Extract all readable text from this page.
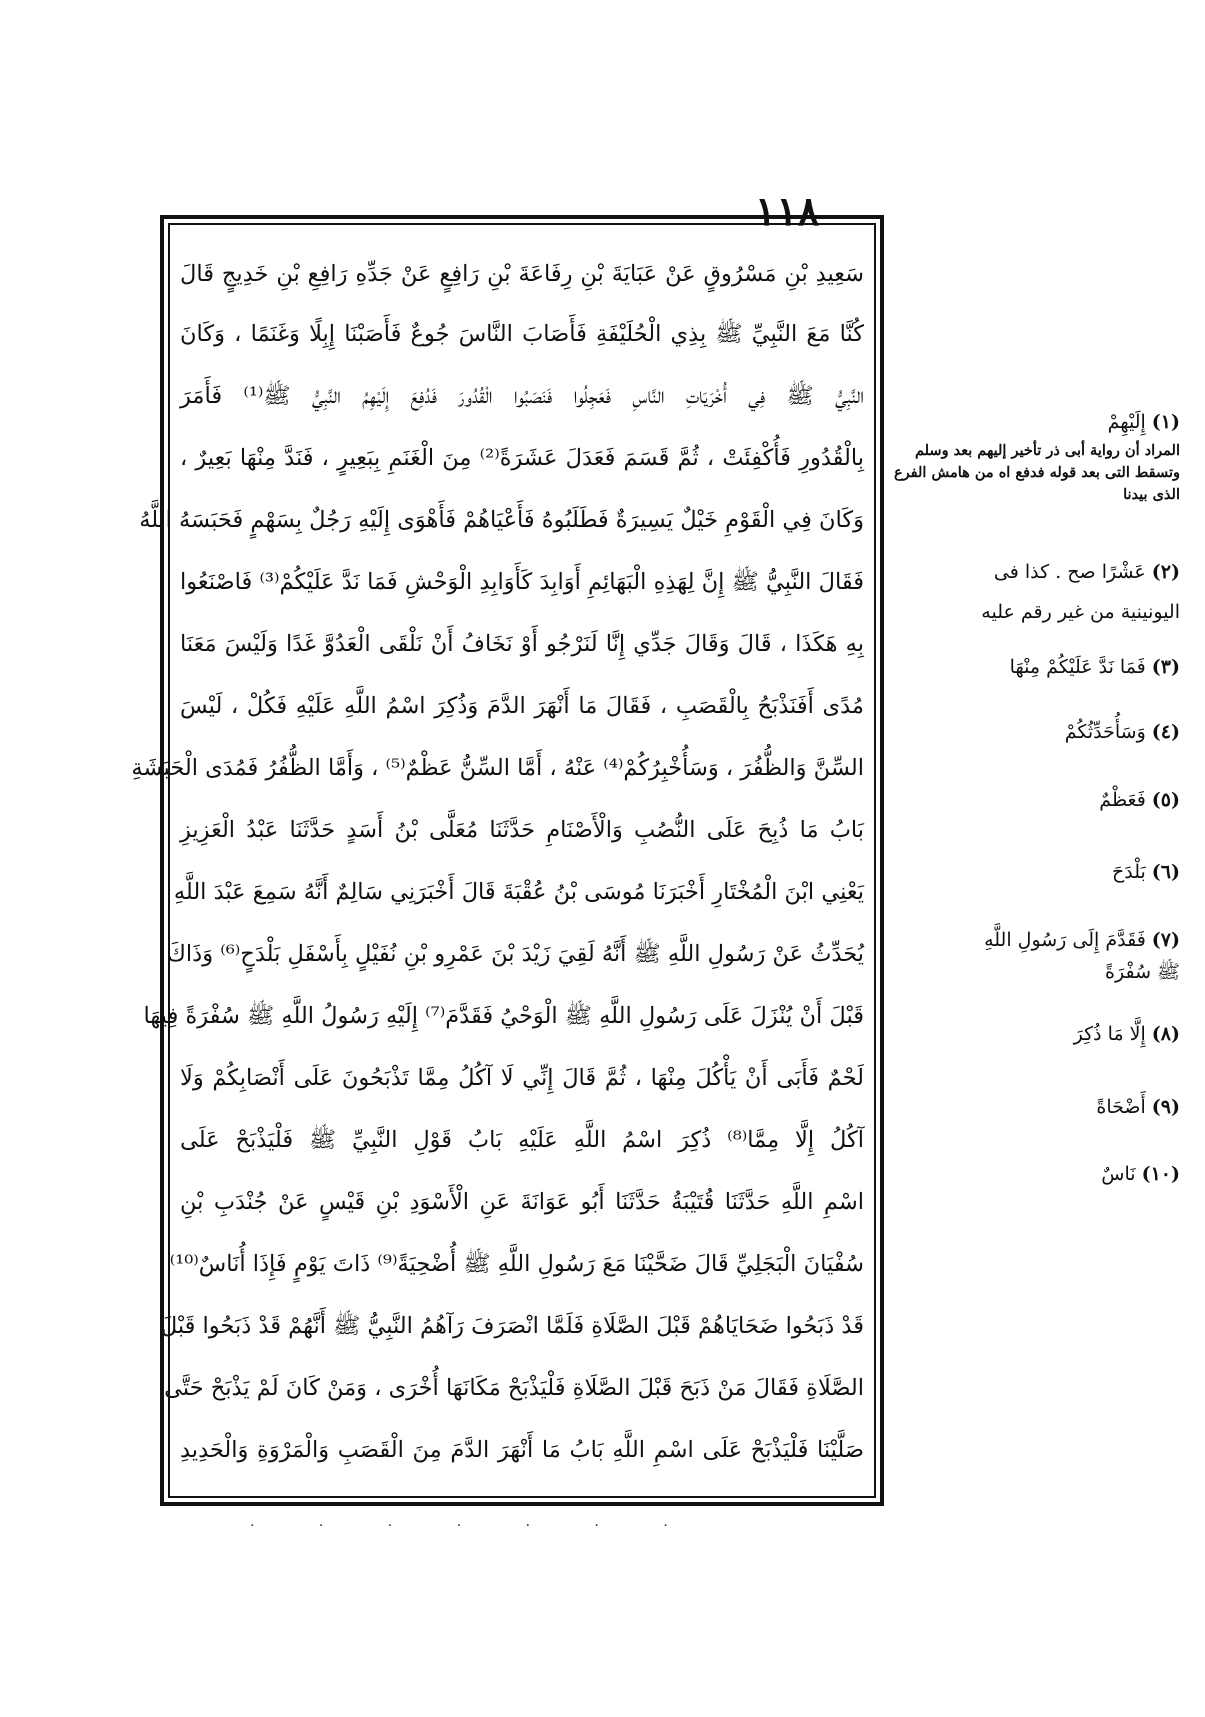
١١٨
سَعِيدِ بْنِ مَسْرُوقٍ عَنْ عَبَايَةَ بْنِ رِفَاعَةَ بْنِ رَافِعٍ عَنْ جَدِّهِ رَافِعِ بْنِ خَدِيجٍ قَالَ
كُنَّا مَعَ النَّبِيِّ ﷺ بِذِي الْحُلَيْفَةِ فَأَصَابَ النَّاسَ جُوعٌ فَأَصَبْنَا إِبِلًا وَغَنَمًا ، وَكَانَ
النَّبِيُّ ﷺ فِي أُخْرَيَاتِ النَّاسِ فَعَجِلُوا فَنَصَبُوا الْقُدُورَ فَدُفِعَ إِلَيْهِمُ النَّبِيُّ ﷺ⁽¹⁾ فَأَمَرَ
بِالْقُدُورِ فَأُكْفِئَتْ ، ثُمَّ قَسَمَ فَعَدَلَ عَشَرَةً⁽²⁾ مِنَ الْغَنَمِ بِبَعِيرٍ ، فَنَدَّ مِنْهَا بَعِيرٌ ،
وَكَانَ فِي الْقَوْمِ خَيْلٌ يَسِيرَةٌ فَطَلَبُوهُ فَأَعْيَاهُمْ فَأَهْوَى إِلَيْهِ رَجُلٌ بِسَهْمٍ فَحَبَسَهُ اللَّهُ
فَقَالَ النَّبِيُّ ﷺ إِنَّ لِهَذِهِ الْبَهَائِمِ أَوَابِدَ كَأَوَابِدِ الْوَحْشِ فَمَا نَدَّ عَلَيْكُمْ⁽³⁾ فَاصْنَعُوا
بِهِ هَكَذَا ، قَالَ وَقَالَ جَدِّي إِنَّا لَنَرْجُو أَوْ نَخَافُ أَنْ نَلْقَى الْعَدُوَّ غَدًا وَلَيْسَ مَعَنَا
مُدًى أَفَنَذْبَحُ بِالْقَصَبِ ، فَقَالَ مَا أَنْهَرَ الدَّمَ وَذُكِرَ اسْمُ اللَّهِ عَلَيْهِ فَكُلْ ، لَيْسَ
السِّنَّ وَالظُّفُرَ ، وَسَأُخْبِرُكُمْ⁽⁴⁾ عَنْهُ ، أَمَّا السِّنُّ عَظْمٌ⁽⁵⁾ ، وَأَمَّا الظُّفُرُ فَمُدَى الْحَبَشَةِ
بَابُ مَا ذُبِحَ عَلَى النُّصُبِ وَالْأَصْنَامِ حَدَّثَنَا مُعَلَّى بْنُ أَسَدٍ حَدَّثَنَا عَبْدُ الْعَزِيزِ
يَعْنِي ابْنَ الْمُخْتَارِ أَخْبَرَنَا مُوسَى بْنُ عُقْبَةَ قَالَ أَخْبَرَنِي سَالِمٌ أَنَّهُ سَمِعَ عَبْدَ اللَّهِ
يُحَدِّثُ عَنْ رَسُولِ اللَّهِ ﷺ أَنَّهُ لَقِيَ زَيْدَ بْنَ عَمْرِو بْنِ نُفَيْلٍ بِأَسْفَلِ بَلْدَحٍ⁽⁶⁾ وَذَاكَ
قَبْلَ أَنْ يُنْزَلَ عَلَى رَسُولِ اللَّهِ ﷺ الْوَحْيُ فَقَدَّمَ⁽⁷⁾ إِلَيْهِ رَسُولُ اللَّهِ ﷺ سُفْرَةً فِيهَا
لَحْمٌ فَأَبَى أَنْ يَأْكُلَ مِنْهَا ، ثُمَّ قَالَ إِنِّي لَا آكُلُ مِمَّا تَذْبَحُونَ عَلَى أَنْصَابِكُمْ وَلَا
آكُلُ إِلَّا مِمَّا⁽⁸⁾ ذُكِرَ اسْمُ اللَّهِ عَلَيْهِ بَابُ قَوْلِ النَّبِيِّ ﷺ فَلْيَذْبَحْ عَلَى
اسْمِ اللَّهِ حَدَّثَنَا قُتَيْبَةُ حَدَّثَنَا أَبُو عَوَانَةَ عَنِ الْأَسْوَدِ بْنِ قَيْسٍ عَنْ جُنْدَبِ بْنِ
سُفْيَانَ الْبَجَلِيِّ قَالَ ضَحَّيْنَا مَعَ رَسُولِ اللَّهِ ﷺ أُضْحِيَةً⁽⁹⁾ ذَاتَ يَوْمٍ فَإِذَا أُنَاسٌ⁽¹⁰⁾
قَدْ ذَبَحُوا ضَحَايَاهُمْ قَبْلَ الصَّلَاةِ فَلَمَّا انْصَرَفَ رَآهُمُ النَّبِيُّ ﷺ أَنَّهُمْ قَدْ ذَبَحُوا قَبْلَ
الصَّلَاةِ فَقَالَ مَنْ ذَبَحَ قَبْلَ الصَّلَاةِ فَلْيَذْبَحْ مَكَانَهَا أُخْرَى ، وَمَنْ كَانَ لَمْ يَذْبَحْ حَتَّى
صَلَّيْنَا فَلْيَذْبَحْ عَلَى اسْمِ اللَّهِ بَابُ مَا أَنْهَرَ الدَّمَ مِنَ الْقَصَبِ وَالْمَرْوَةِ وَالْحَدِيدِ
(١)إِلَيْهِمْ
المراد أن رواية أبى ذر تأخير إليهم بعد وسلم وتسقط التى بعد قوله فدفع اه من هامش الفرع الذى بيدنا
(٢)عَشْرًا صح . كذا فى
اليونينية من غير رقم عليه
(٣)فَمَا نَدَّ عَلَيْكُمْ مِنْهَا
(٤)وَسَأُحَدِّثُكُمْ
(٥)فَعَظْمٌ
(٦)بَلْدَحَ
(٧)فَقَدَّمَ إِلَى رَسُولِ اللَّهِ
ﷺ سُفْرَةً
(٨)إِلَّا مَا ذُكِرَ
(٩)أَضْحَاةً
(١٠)نَاسٌ
· · · · · · ·
